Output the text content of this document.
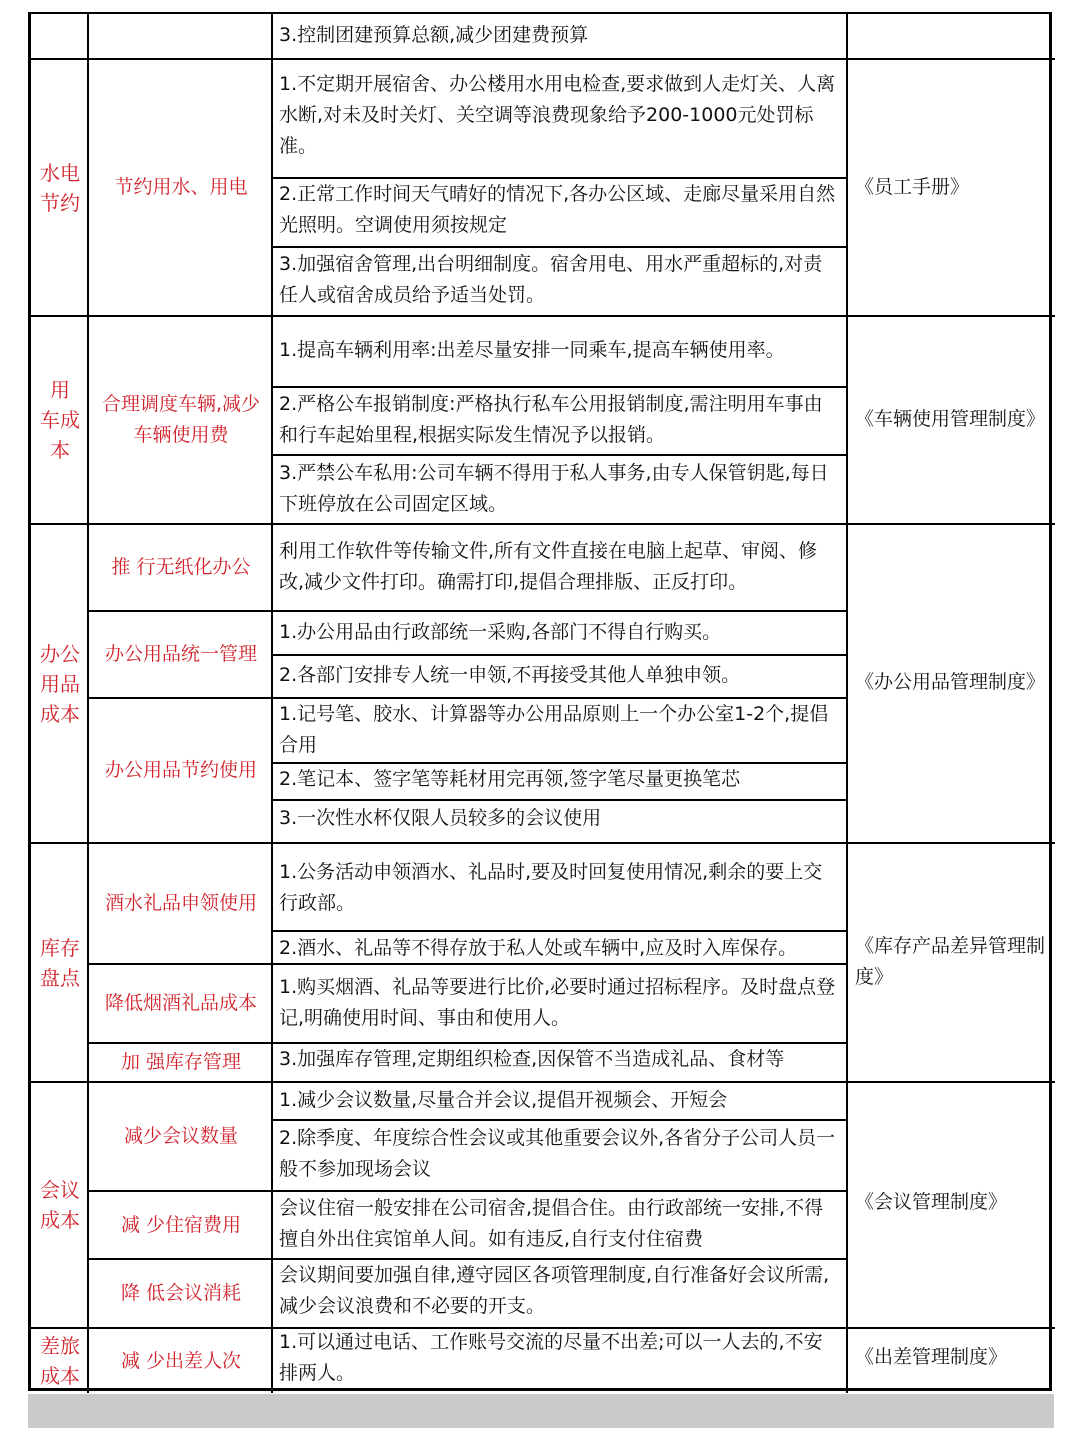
3.控制团建预算总额,减少团建费预算
水电节约
节约用水、用电	《员工手册》
1.不定期开展宿舍、办公楼用水用电检查,要求做到人走灯关、人离水断,对未及时关灯、关空调等浪费现象给予200-1000元处罚标准。
2.正常工作时间天气晴好的情况下,各办公区域、走廊尽量采用自然光照明。空调使用须按规定
3.加强宿舍管理,出台明细制度。宿舍用电、用水严重超标的,对责任人或宿舍成员给予适当处罚。
用 车成本
合理调度车辆,减少车辆使用费
《车辆使用管理制度》
1.提高车辆利用率:出差尽量安排一同乘车,提高车辆使用率。
2.严格公车报销制度:严格执行私车公用报销制度,需注明用车事由和行车起始里程,根据实际发生情况予以报销。
3.严禁公车私用:公司车辆不得用于私人事务,由专人保管钥匙,每日下班停放在公司固定区域。
办公用品成本
《办公用品管理制度》
推 行无纸化办公
利用工作软件等传输文件,所有文件直接在电脑上起草、审阅、修改,减少文件打印。确需打印,提倡合理排版、正反打印。
办公用品统一管理
1.办公用品由行政部统一采购,各部门不得自行购买。
2.各部门安排专人统一申领,不再接受其他人单独申领。
办公用品节约使用
1.记号笔、胶水、计算器等办公用品原则上一个办公室1-2个,提倡合用
2.笔记本、签字笔等耗材用完再领,签字笔尽量更换笔芯
3.一次性水杯仅限人员较多的会议使用
库存盘点
《库存产品差异管理制度》
酒水礼品申领使用
1.公务活动申领酒水、礼品时,要及时回复使用情况,剩余的要上交行政部。
2.酒水、礼品等不得存放于私人处或车辆中,应及时入库保存。
降低烟酒礼品成本
1.购买烟酒、礼品等要进行比价,必要时通过招标程序。及时盘点登记,明确使用时间、事由和使用人。
加 强库存管理 3.加强库存管理,定期组织检查,因保管不当造成礼品、食材等
会议成本
《会议管理制度》
减少会议数量
1.减少会议数量,尽量合并会议,提倡开视频会、开短会
2.除季度、年度综合性会议或其他重要会议外,各省分子公司人员一般不参加现场会议
减 少住宿费用
会议住宿一般安排在公司宿舍,提倡合住。由行政部统一安排,不得擅自外出住宾馆单人间。如有违反,自行支付住宿费
降 低会议消耗
会议期间要加强自律,遵守园区各项管理制度,自行准备好会议所需,减少会议浪费和不必要的开支。
差旅成本
《出差管理制度》
减 少出差人次
1.可以通过电话、工作账号交流的尽量不出差;可以一人去的,不安排两人。
